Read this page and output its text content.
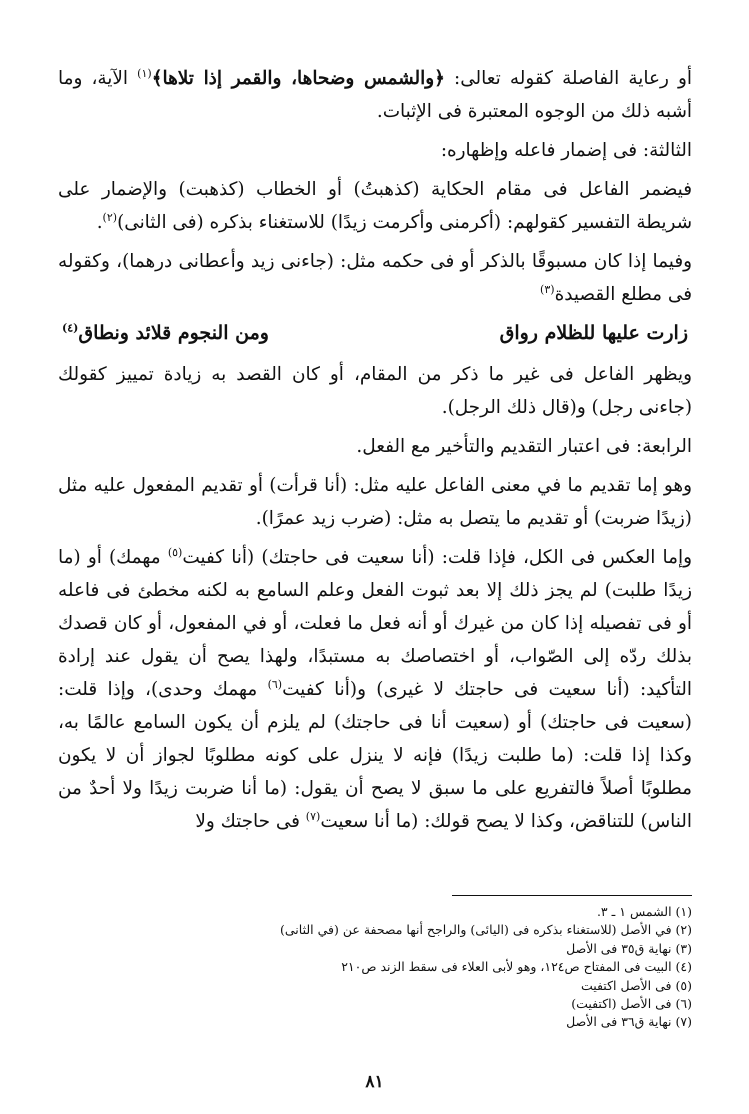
أو رعاية الفاصلة كقوله تعالى: ﴿والشمس وضحاها، والقمر إذا تلاها﴾$^{(١)}$ الآية، وما أشبه ذلك من الوجوه المعتبرة فى الإثبات.

الثالثة: فى إضمار فاعله وإظهاره:

فيضمر الفاعل فى مقام الحكاية (كذهبتُ) أو الخطاب (كذهبت) والإضمار على شريطة التفسير كقولهم: (أكرمنى وأكرمت زيدًا) للاستغناء بذكره (فى الثانى)$^{(٢)}$.

وفيما إذا كان مسبوقًا بالذكر أو فى حكمه مثل: (جاءنى زيد وأعطانى درهما)، وكقوله فى مطلع القصيدة$^{(٣)}$

زارت عليها للظلام رواق
ومن النجوم قلائد ونطاق$^{(٤)}$

ويظهر الفاعل فى غير ما ذكر من المقام، أو كان القصد به زيادة تمييز كقولك (جاءنى رجل) و(قال ذلك الرجل).

الرابعة: فى اعتبار التقديم والتأخير مع الفعل.

وهو إما تقديم ما في معنى الفاعل عليه مثل: (أنا قرأت) أو تقديم المفعول عليه مثل (زيدًا ضربت) أو تقديم ما يتصل به مثل: (ضرب زيد عمرًا).

وإما العكس فى الكل، فإذا قلت: (أنا سعيت فى حاجتك) (أنا كفيت$^{(٥)}$ مهمك) أو (ما زيدًا طلبت) لم يجز ذلك إلا بعد ثبوت الفعل وعلم السامع به لكنه مخطئ فى فاعله أو فى تفصيله إذا كان من غيرك أو أنه فعل ما فعلت، أو في المفعول، أو كان قصدك بذلك ردّه إلى الصّواب، أو اختصاصك به مستبدًا، ولهذا يصح أن يقول عند إرادة التأكيد: (أنا سعيت فى حاجتك لا غيرى) و(أنا كفيت$^{(٦)}$ مهمك وحدى)، وإذا قلت: (سعيت فى حاجتك) أو (سعيت أنا فى حاجتك) لم يلزم أن يكون السامع عالمًا به، وكذا إذا قلت: (ما طلبت زيدًا) فإنه لا ينزل على كونه مطلوبًا لجواز أن لا يكون مطلوبًا أصلاً فالتفريع على ما سبق لا يصح أن يقول: (ما أنا ضربت زيدًا ولا أحدٌ من الناس) للتناقض، وكذا لا يصح قولك: (ما أنا سعيت$^{(٧)}$ فى حاجتك ولا

(١) الشمس ١ ـ ٣.
(٢) في الأصل (للاستغناء بذكره فى (اليائى) والراجح أنها مصحفة عن (في الثانى)
(٣) نهاية ق٣٥ فى الأصل
(٤) البيت فى المفتاح ص١٢٤، وهو لأبى العلاء فى سقط الزند ص٢١٠
(٥) فى الأصل اكتفيت
(٦) فى الأصل (اكتفيت)
(٧) نهاية ق٣٦ فى الأصل
٨١
